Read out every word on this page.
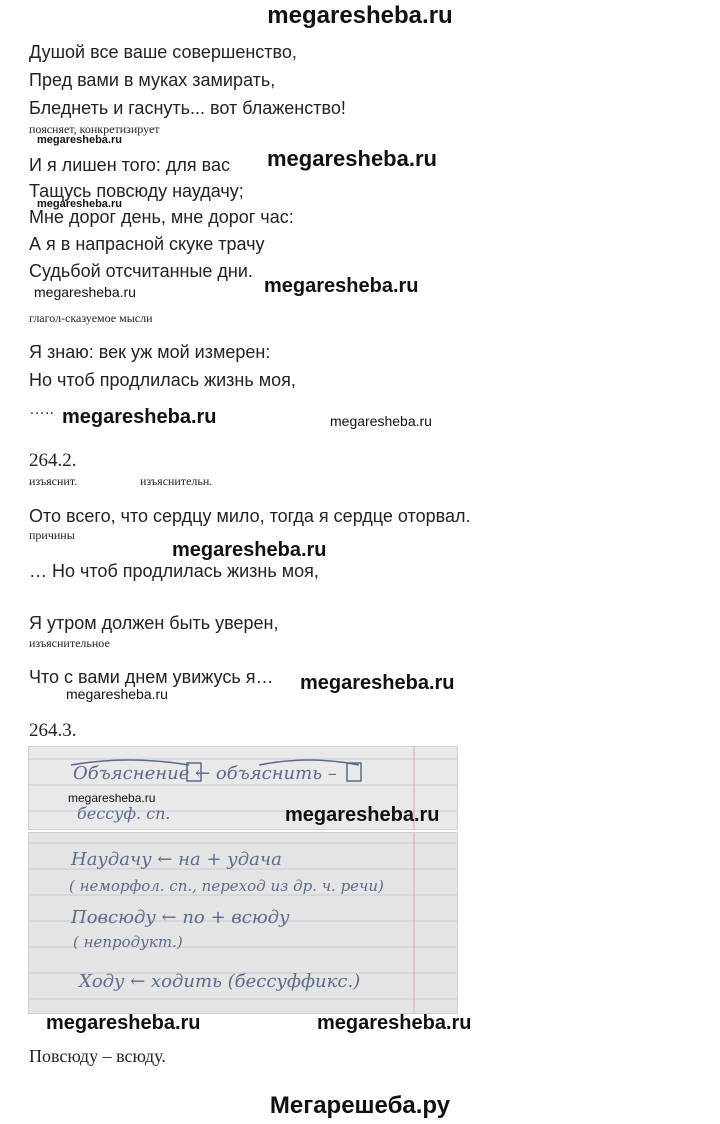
megaresheba.ru
Душой все ваше совершенство,
Пред вами в муках замирать,
Бледнеть и гаснуть... вот блаженство!
поясняет, конкретизирует
megaresheba.ru
И я лишен того: для вас megaresheba.ru
Тащусь повсюду наудачу;
megaresheba.ru
Мне дорог день, мне дорог час:
А я в напрасной скуке трачу
Судьбой отсчитанные дни.
megaresheba.ru	megaresheba.ru
глагол-сказуемое мысли
Я знаю: век уж мой измерен:
Но чтоб продлилась жизнь моя,
….. megaresheba.ru	megaresheba.ru
264.2.
изъяснит.	изъяснительн.
Ото всего, что сердцу мило, тогда я сердце оторвал.
причины
megaresheba.ru
… Но чтоб продлилась жизнь моя,
Я утром должен быть уверен,
изъяснительное
Что с вами днем увижусь я…
megaresheba.ru	megaresheba.ru
264.3.
Объяснение ← объяснить –
бессуф. сп.
megaresheba.ru
megaresheba.ru
Наудачу ← на + удача
( неморфол. сп., переход из др. ч. речи)
Повсюду ← по + всюду
( непродукт.)
Ходу ← ходить (бессуффикс.)
megaresheba.ru	megaresheba.ru
Повсюду – всюду.
Мегарешеба.ру
